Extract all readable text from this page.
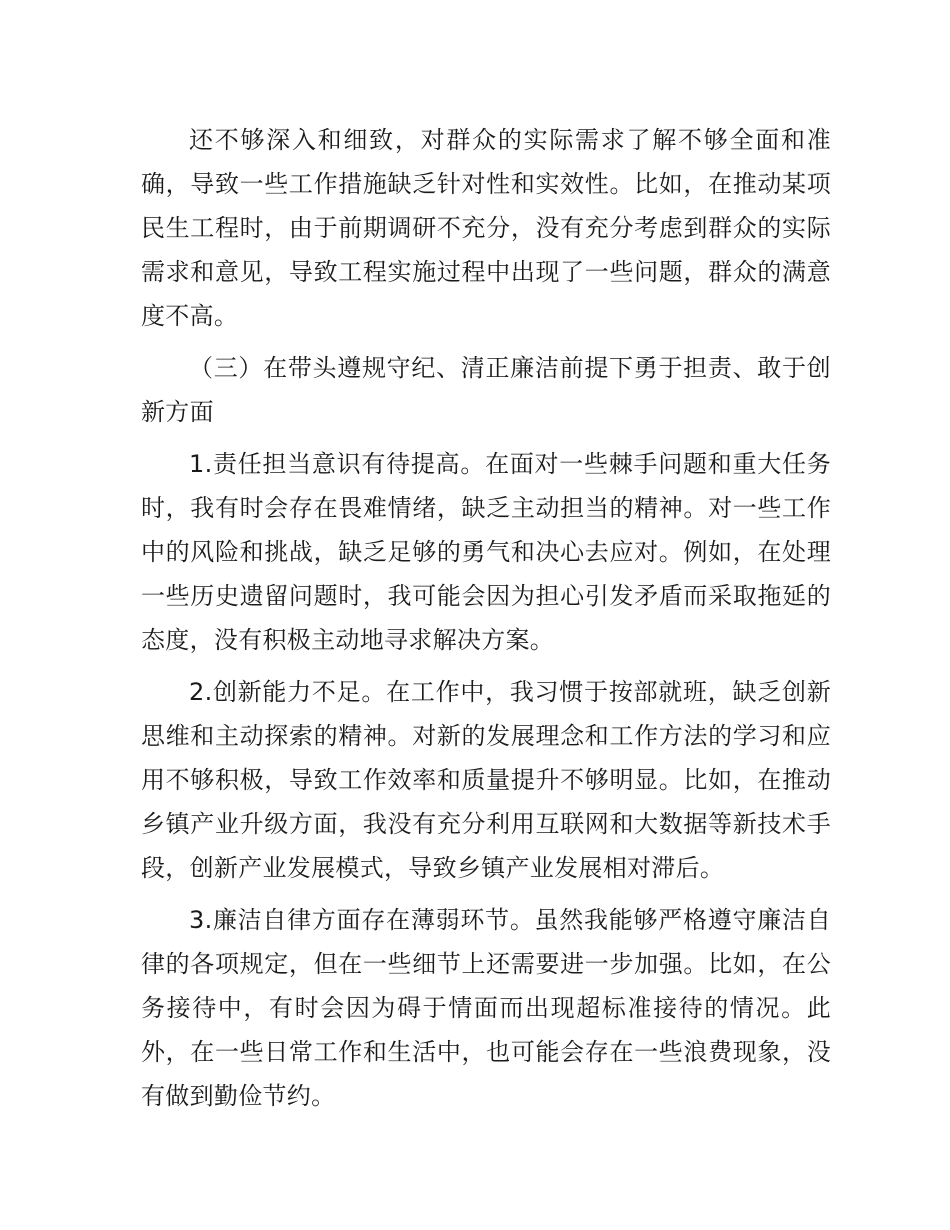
还不够深入和细致，对群众的实际需求了解不够全面和准确，导致一些工作措施缺乏针对性和实效性。比如，在推动某项民生工程时，由于前期调研不充分，没有充分考虑到群众的实际需求和意见，导致工程实施过程中出现了一些问题，群众的满意度不高。

（三）在带头遵规守纪、清正廉洁前提下勇于担责、敢于创新方面

1.责任担当意识有待提高。在面对一些棘手问题和重大任务时，我有时会存在畏难情绪，缺乏主动担当的精神。对一些工作中的风险和挑战，缺乏足够的勇气和决心去应对。例如，在处理一些历史遗留问题时，我可能会因为担心引发矛盾而采取拖延的态度，没有积极主动地寻求解决方案。

2.创新能力不足。在工作中，我习惯于按部就班，缺乏创新思维和主动探索的精神。对新的发展理念和工作方法的学习和应用不够积极，导致工作效率和质量提升不够明显。比如，在推动乡镇产业升级方面，我没有充分利用互联网和大数据等新技术手段，创新产业发展模式，导致乡镇产业发展相对滞后。

3.廉洁自律方面存在薄弱环节。虽然我能够严格遵守廉洁自律的各项规定，但在一些细节上还需要进一步加强。比如，在公务接待中，有时会因为碍于情面而出现超标准接待的情况。此外，在一些日常工作和生活中，也可能会存在一些浪费现象，没有做到勤俭节约。
